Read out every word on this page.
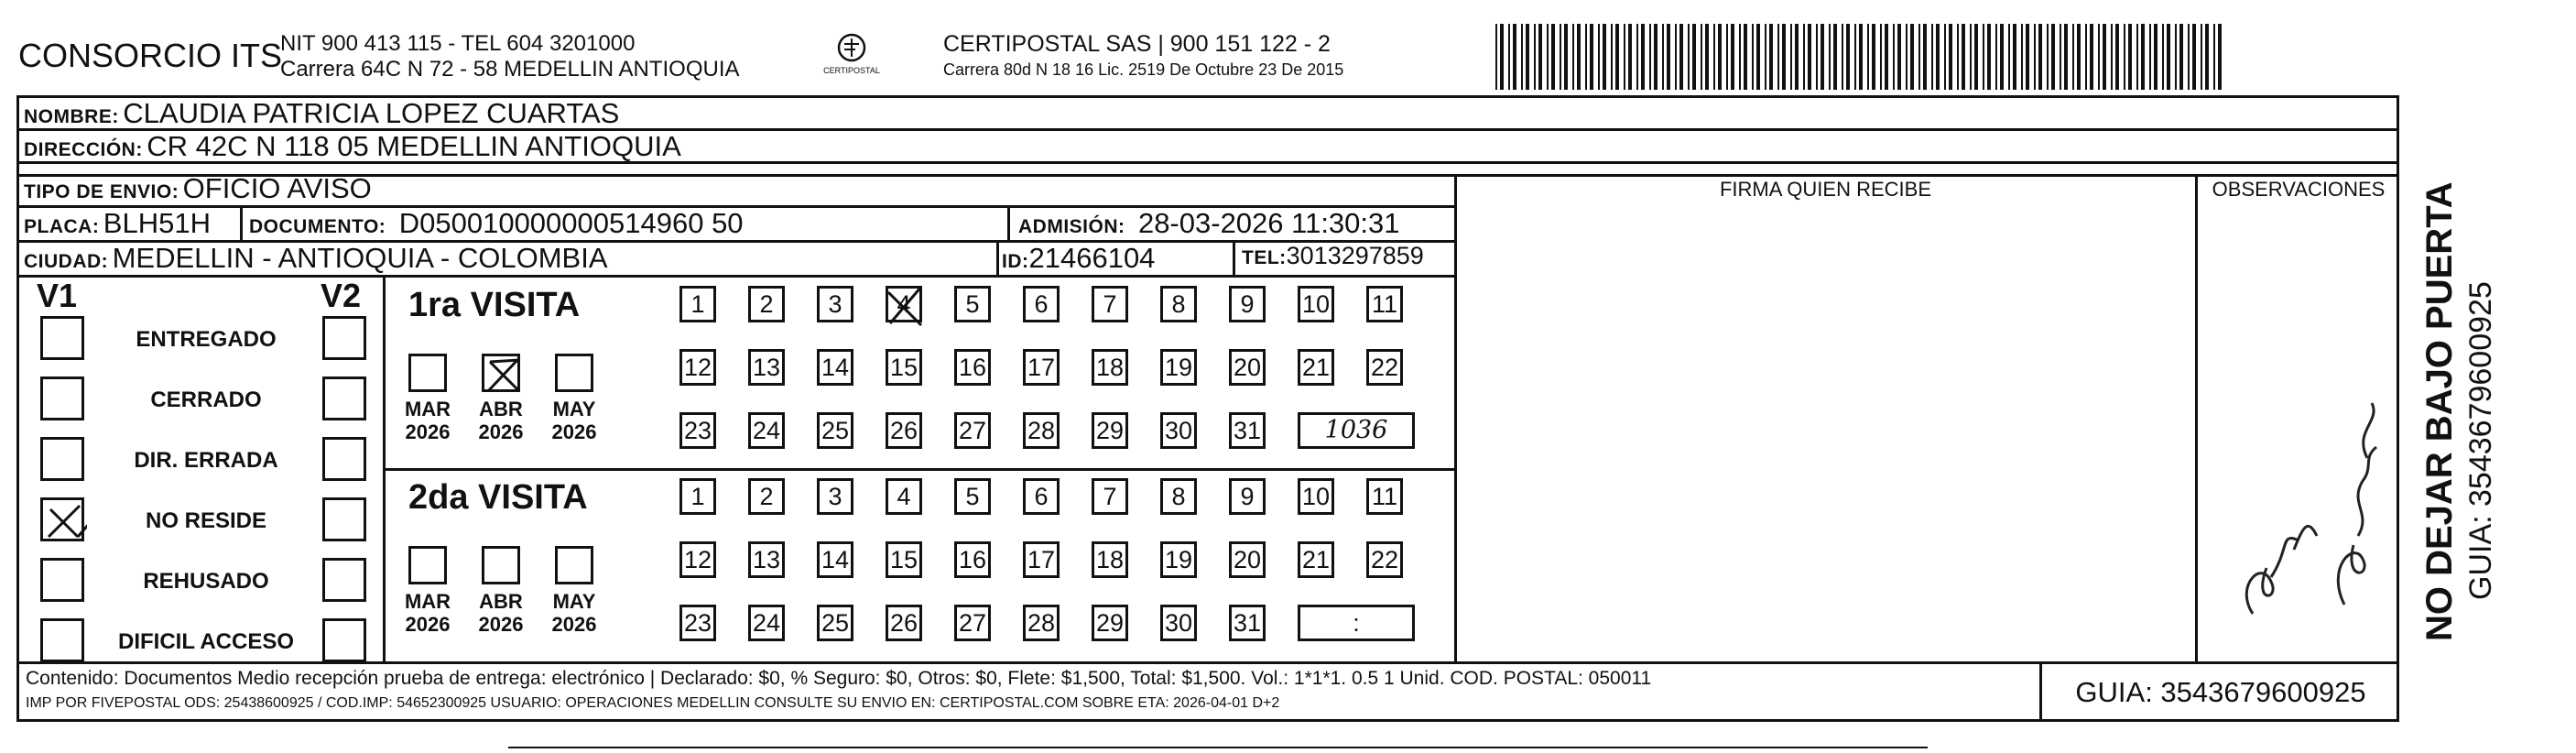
CONSORCIO ITS
NIT 900 413 115 - TEL 604 3201000
Carrera 64C N 72 - 58 MEDELLIN ANTIOQUIA	CERTIPOSTAL
CERTIPOSTAL SAS | 900 151 122 - 2
Carrera 80d N 18 16 Lic. 2519 De Octubre 23 De 2015
NOMBRE: CLAUDIA PATRICIA LOPEZ CUARTAS
DIRECCIÓN: CR 42C N 118 05 MEDELLIN ANTIOQUIA
TIPO DE ENVIO: OFICIO AVISO	FIRMA QUIEN RECIBE	OBSERVACIONES
PLACA: BLH51H DOCUMENTO: D050010000000514960 50	ADMISIÓN: 28-03-2026 11:30:31
CIUDAD: MEDELLIN - ANTIOQUIA - COLOMBIA	ID:21466104	TEL:3013297859
V1	V2
ENTREGADO
CERRADO
DIR. ERRADA
NO RESIDE
REHUSADO
DIFICIL ACCESO
1ra VISITA
2da VISITA
MAR
2026
ABR
2026
MAY
2026
1	2	3	4	5	6	7	8	9	10 11
12 13 14 15 16 17 18 19 20 21 22
23 24 25 26 27 28 29 30 31	1036
MAR
2026
ABR
2026
MAY
2026
1	2	3	4	5	6	7	8	9	10 11
12 13 14 15 16 17 18 19 20 21 22
23 24 25 26 27 28 29 30 31	:
Contenido: Documentos Medio recepción prueba de entrega: electrónico | Declarado: $0, % Seguro: $0, Otros: $0, Flete: $1,500, Total: $1,500. Vol.: 1*1*1. 0.5 1 Unid. COD. POSTAL: 050011
IMP POR FIVEPOSTAL ODS: 25438600925 / COD.IMP: 54652300925 USUARIO: OPERACIONES MEDELLIN CONSULTE SU ENVIO EN: CERTIPOSTAL.COM SOBRE ETA: 2026-04-01 D+2	GUIA: 3543679600925
NO DEJAR BAJO PUERTA GUIA: 3543679600925
